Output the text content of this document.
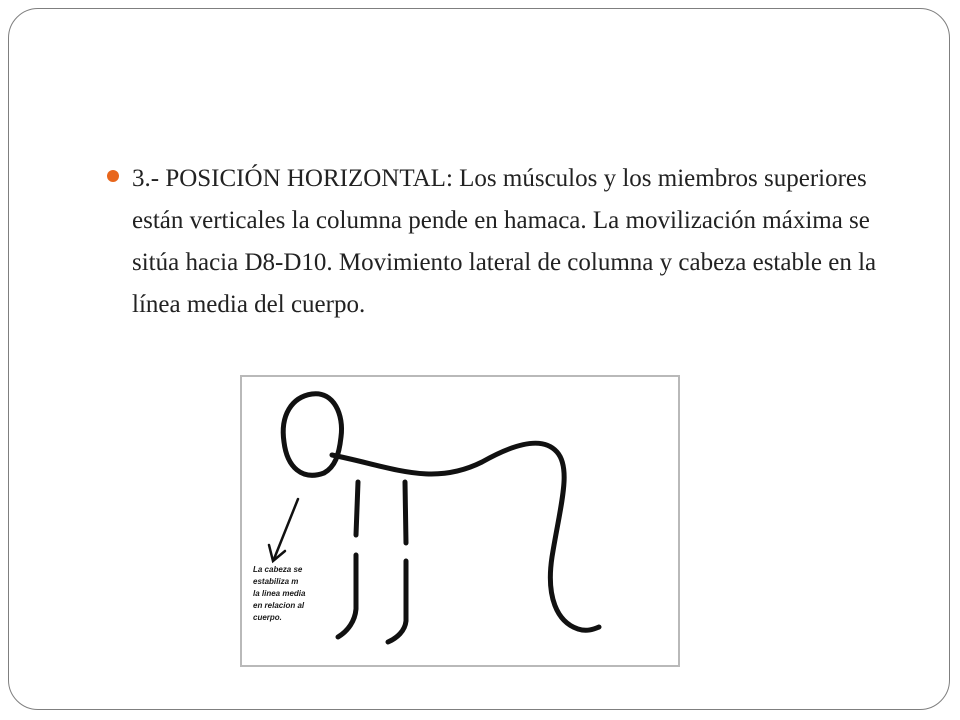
3.- POSICIÓN HORIZONTAL: Los músculos y los miembros superiores están verticales la columna pende en hamaca. La movilización máxima se sitúa hacia D8-D10. Movimiento lateral de columna y cabeza estable en la línea media del cuerpo.
La cabeza se
estabiliza m
la linea media
en relacion al
cuerpo.
